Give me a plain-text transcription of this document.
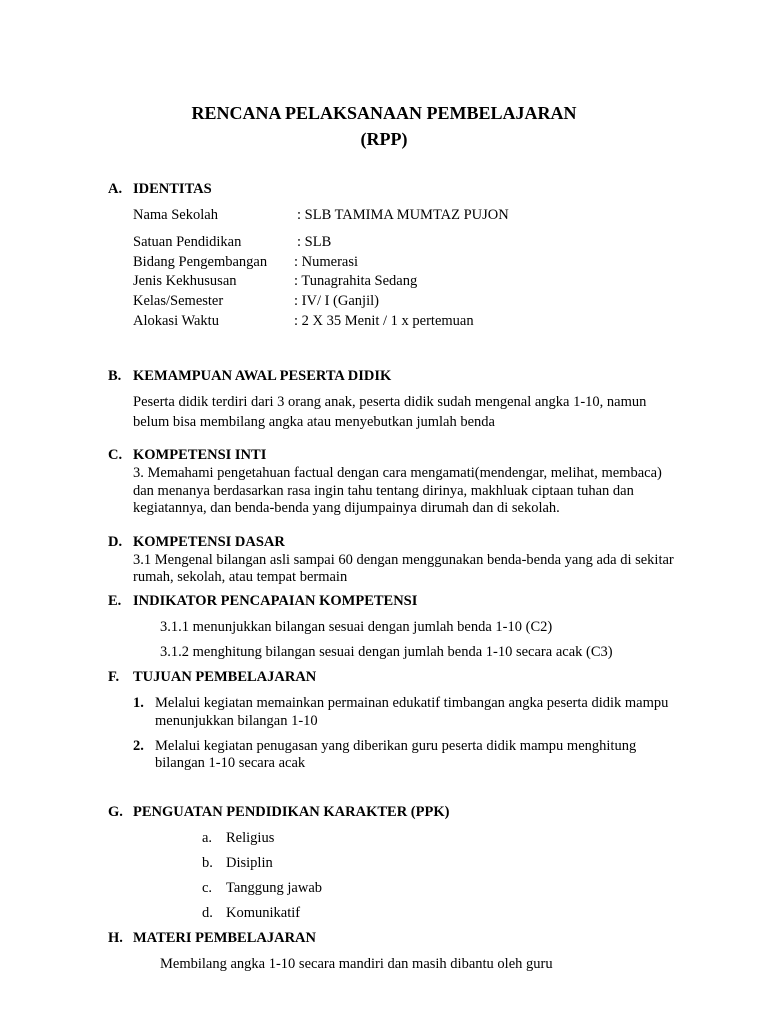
RENCANA PELAKSANAAN PEMBELAJARAN
(RPP)
A. IDENTITAS
Nama Sekolah	: SLB TAMIMA MUMTAZ PUJON
Satuan Pendidikan	: SLB
Bidang Pengembangan : Numerasi
Jenis Kekhususan	: Tunagrahita Sedang
Kelas/Semester	: IV/ I (Ganjil)
Alokasi Waktu	: 2 X 35 Menit / 1 x pertemuan
B. KEMAMPUAN AWAL PESERTA DIDIK
Peserta didik terdiri dari 3 orang anak, peserta didik sudah mengenal angka 1-10, namun
belum bisa membilang angka atau menyebutkan jumlah benda
C. KOMPETENSI INTI
3. Memahami pengetahuan factual dengan cara mengamati(mendengar, melihat, membaca)
dan menanya berdasarkan rasa ingin tahu tentang dirinya, makhluak ciptaan tuhan dan
kegiatannya, dan benda-benda yang dijumpainya dirumah dan di sekolah.
D. KOMPETENSI DASAR
3.1 Mengenal bilangan asli sampai 60 dengan menggunakan benda-benda yang ada di sekitar
rumah, sekolah, atau tempat bermain
E. INDIKATOR PENCAPAIAN KOMPETENSI
3.1.1 menunjukkan bilangan sesuai dengan jumlah benda 1-10 (C2)
3.1.2 menghitung bilangan sesuai dengan jumlah benda 1-10 secara acak (C3)
F. TUJUAN PEMBELAJARAN
1. Melalui kegiatan memainkan permainan edukatif timbangan angka peserta didik mampu
menunjukkan bilangan 1-10
2. Melalui kegiatan penugasan yang diberikan guru peserta didik mampu menghitung
bilangan 1-10 secara acak
G. PENGUATAN PENDIDIKAN KARAKTER (PPK)
a. Religius
b. Disiplin
c. Tanggung jawab
d. Komunikatif
H. MATERI PEMBELAJARAN
Membilang angka 1-10 secara mandiri dan masih dibantu oleh guru
